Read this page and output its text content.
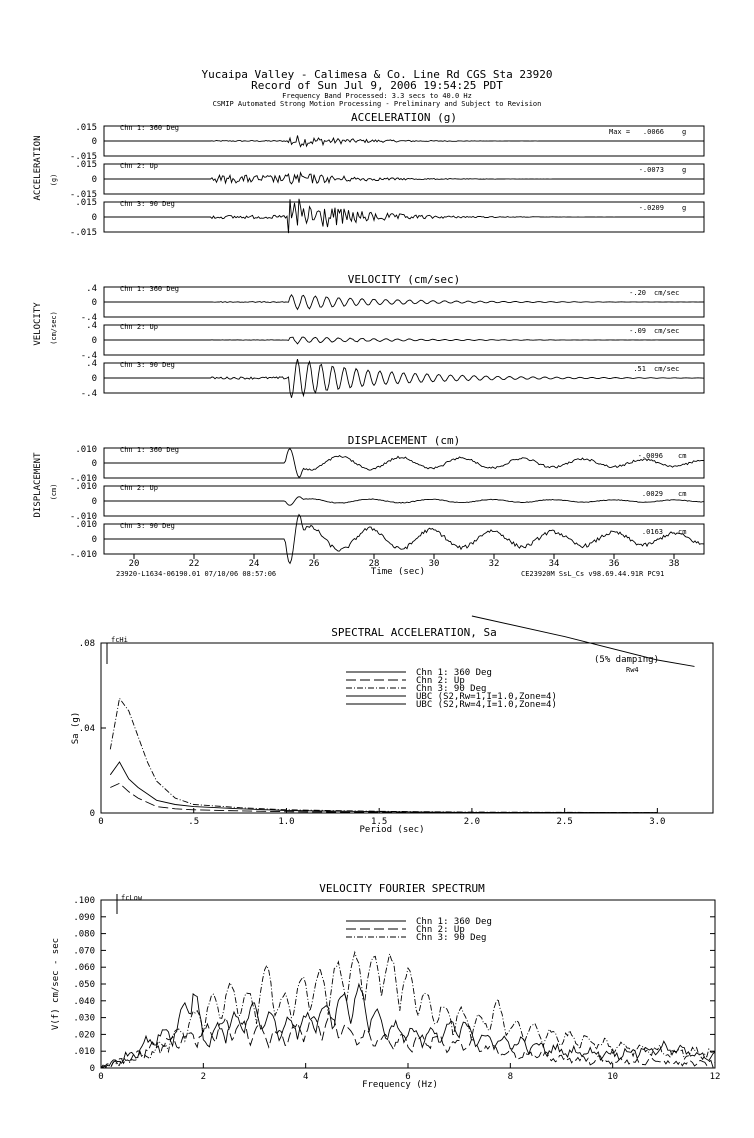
Yucaipa Valley - Calimesa & Co. Line Rd CGS Sta 23920
Record of Sun Jul 9, 2006 19:54:25 PDT
Frequency Band Processed: 3.3 secs to 40.0 Hz
CSMIP Automated Strong Motion Processing - Preliminary and Subject to Revision
ACCELERATION (g)
ACCELERATION (g)
Chn 1: 360 Deg
Chn 2: Up
Chn 3: 90 Deg
Max = .0066	g
-.0073	g
-.0209	g
.015
0
-.015
.015
0
-.015
.015
0
-.015
VELOCITY (cm/sec)
VELOCITY (cm/sec)
Chn 1: 360 Deg
Chn 2: Up
Chn 3: 90 Deg
-.20 cm/sec
-.09 cm/sec
.51 cm/sec
.4
0
-.4
.4
0
-.4
.4
0
-.4
DISPLACEMENT (cm)
DISPLACEMENT (cm)
Chn 1: 360 Deg
Chn 2: Up
Chn 3: 90 Deg
-.0096 cm
.0029 cm
.0163 cm
.010
0
-.010
.010
0
-.010
.010
0
-.010
20	22	24	26	28	30	32	34	36	38
Time (sec)
23920-L1634-06190.01 07/10/06 08:57:06	CE23920M SsL_Cs v98.69.44.91R PC91
SPECTRAL ACCELERATION, Sa
fcHi
(5% damping)
Rw4
Sa (g)
Period (sec)
0	.5	1.0	1.5	2.0	2.5	3.0
0
.04
.08
Chn 1: 360 Deg
Chn 2: Up
Chn 3: 90 Deg
UBC (S2,Rw=1,I=1.0,Zone=4)
UBC (S2,Rw=4,I=1.0,Zone=4)
VELOCITY FOURIER SPECTRUM
fcLow
V(f) cm/sec - sec
Frequency (Hz)
0	2	4	6	8	10	12
0
.010
.020
.030
.040
.050
.060
.070
.080
.090
.100
Chn 1: 360 Deg
Chn 2: Up
Chn 3: 90 Deg
